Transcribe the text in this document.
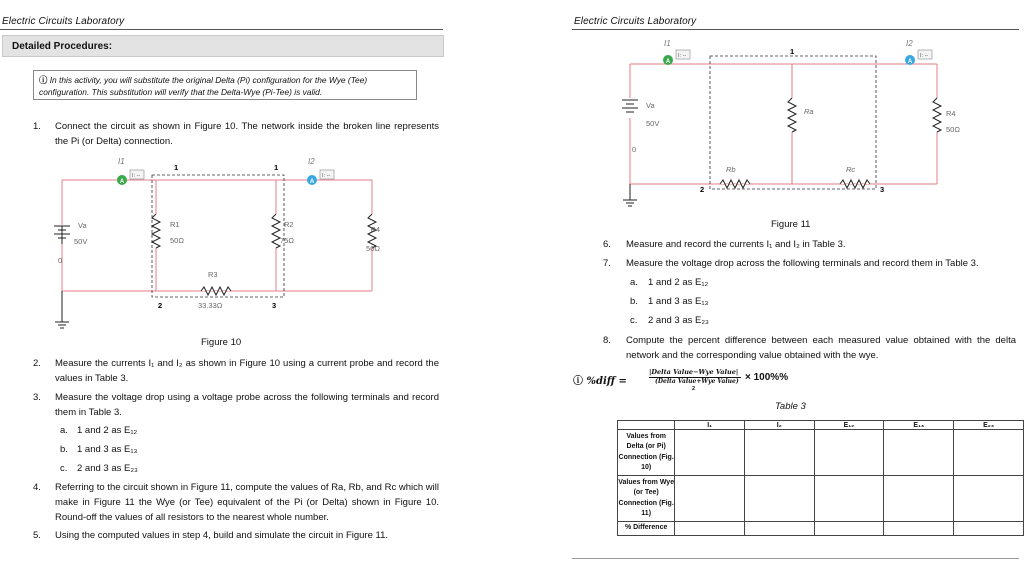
Electric Circuits Laboratory
Detailed Procedures:
ⓘ In this activity, you will substitute the original Delta (Pi) configuration for the Wye (Tee) configuration. This substitution will verify that the Delta-Wye (Pi-Tee) is valid.
1. Connect the circuit as shown in Figure 10. The network inside the broken line represents the Pi (or Delta) connection.
A
I: --
I1
A
I: --
I2
1	1
2	3
Va
50V
0
R1
50Ω
R2
75Ω
R4
50Ω
R3
33.33Ω
Figure 10
2. Measure the currents I₁ and I₂ as shown in Figure 10 using a current probe and record the values in Table 3.
3. Measure the voltage drop using a voltage probe across the following terminals and record them in Table 3.
a. 1 and 2 as E₁₂
b. 1 and 3 as E₁₃
c. 2 and 3 as E₂₃
4. Referring to the circuit shown in Figure 11, compute the values of Ra, Rb, and Rc which will make in Figure 11 the Wye (or Tee) equivalent of the Pi (or Delta) shown in Figure 10. Round-off the values of all resistors to the nearest whole number.
5. Using the computed values in step 4, build and simulate the circuit in Figure 11.
Electric Circuits Laboratory
A
I: --
I1
A
I: --
I2
1
2	3
Va
50V
0
Ra
Rb	Rc
R4
50Ω
Figure 11
6. Measure and record the currents I₁ and I₂ in Table 3.
7. Measure the voltage drop across the following terminals and record them in Table 3.
a. 1 and 2 as E₁₂
b. 1 and 3 as E₁₃
c. 2 and 3 as E₂₃
8. Compute the percent difference between each measured value obtained with the delta network and the corresponding value obtained with the wye.
ⓘ %diff =
|Delta Value−Wye Value|
(Delta Value+Wye Value)
2
× 100%%
Table 3
	I₁	I₂	E₁₂	E₁₃	E₂₃
Values from Delta (or Pi) Connection (Fig. 10)					
Values from Wye (or Tee) Connection (Fig. 11)					
% Difference					
